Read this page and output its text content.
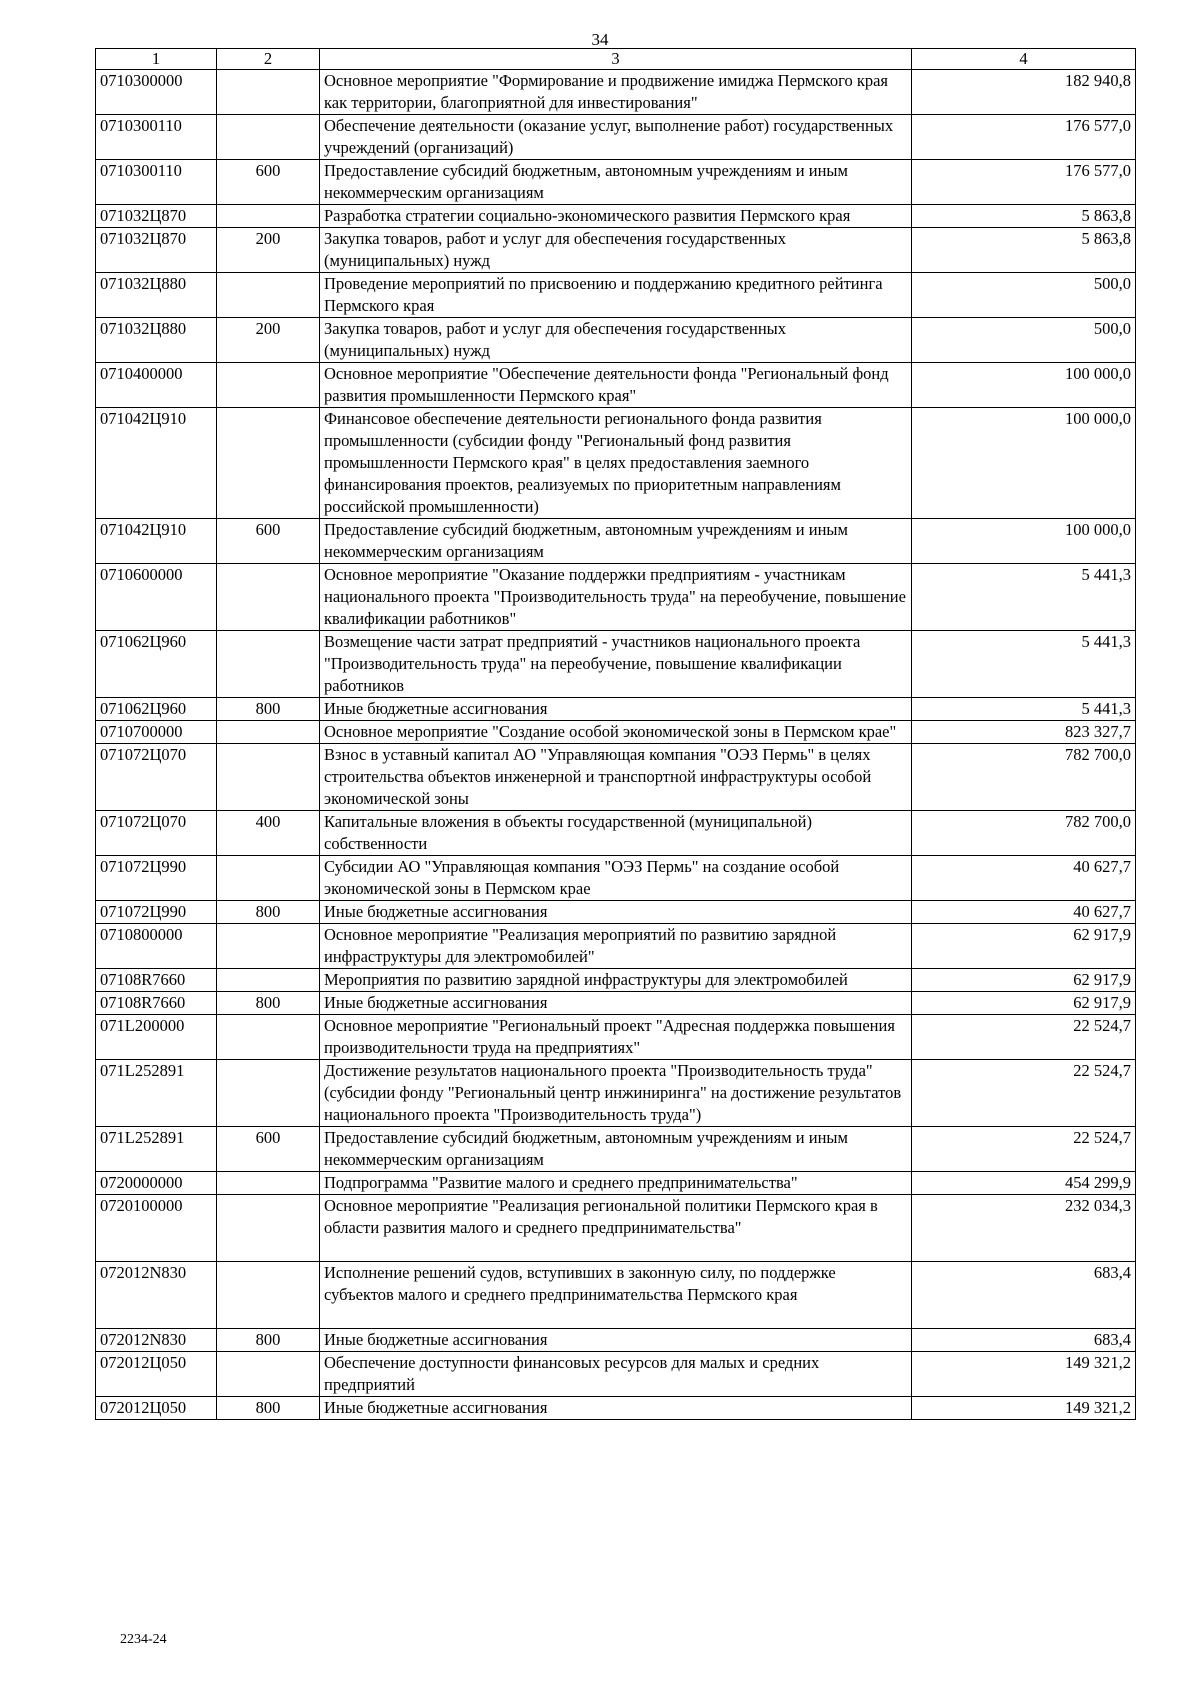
34
1	2	3	4
0710300000		Основное мероприятие "Формирование и продвижение имиджа Пермского края как территории, благоприятной для инвестирования"	182 940,8
0710300110		Обеспечение деятельности (оказание услуг, выполнение работ) государственных учреждений (организаций)	176 577,0
0710300110	600	Предоставление субсидий бюджетным, автономным учреждениям и иным некоммерческим организациям	176 577,0
071032Ц870		Разработка стратегии социально-экономического развития Пермского края	5 863,8
071032Ц870	200	Закупка товаров, работ и услуг для обеспечения государственных (муниципальных) нужд	5 863,8
071032Ц880		Проведение мероприятий по присвоению и поддержанию кредитного рейтинга Пермского края	500,0
071032Ц880	200	Закупка товаров, работ и услуг для обеспечения государственных (муниципальных) нужд	500,0
0710400000		Основное мероприятие "Обеспечение деятельности фонда "Региональный фонд развития промышленности Пермского края"	100 000,0
071042Ц910		Финансовое обеспечение деятельности регионального фонда развития промышленности (субсидии фонду "Региональный фонд развития промышленности Пермского края" в целях предоставления заемного финансирования проектов, реализуемых по приоритетным направлениям российской промышленности)	100 000,0
071042Ц910	600	Предоставление субсидий бюджетным, автономным учреждениям и иным некоммерческим организациям	100 000,0
0710600000		Основное мероприятие "Оказание поддержки предприятиям - участникам национального проекта "Производительность труда" на переобучение, повышение квалификации работников"	5 441,3
071062Ц960		Возмещение части затрат предприятий - участников национального проекта "Производительность труда" на переобучение, повышение квалификации работников	5 441,3
071062Ц960	800	Иные бюджетные ассигнования	5 441,3
0710700000		Основное мероприятие "Создание особой экономической зоны в Пермском крае"	823 327,7
071072Ц070		Взнос в уставный капитал АО "Управляющая компания "ОЭЗ Пермь" в целях строительства объектов инженерной и транспортной инфраструктуры особой экономической зоны	782 700,0
071072Ц070	400	Капитальные вложения в объекты государственной (муниципальной) собственности	782 700,0
071072Ц990		Субсидии АО "Управляющая компания "ОЭЗ Пермь" на создание особой экономической зоны в Пермском крае	40 627,7
071072Ц990	800	Иные бюджетные ассигнования	40 627,7
0710800000		Основное мероприятие "Реализация мероприятий по развитию зарядной инфраструктуры для электромобилей"	62 917,9
07108R7660		Мероприятия по развитию зарядной инфраструктуры для электромобилей	62 917,9
07108R7660	800	Иные бюджетные ассигнования	62 917,9
071L200000		Основное мероприятие "Региональный проект "Адресная поддержка повышения производительности труда на предприятиях"	22 524,7
071L252891		Достижение результатов национального проекта "Производительность труда" (субсидии фонду "Региональный центр инжиниринга" на достижение результатов национального проекта "Производительность труда")	22 524,7
071L252891	600	Предоставление субсидий бюджетным, автономным учреждениям и иным некоммерческим организациям	22 524,7
0720000000		Подпрограмма "Развитие малого и среднего предпринимательства"	454 299,9
0720100000		Основное мероприятие "Реализация региональной политики Пермского края в области развития малого и среднего предпринимательства"	232 034,3
072012N830		Исполнение решений судов, вступивших в законную силу, по поддержке субъектов малого и среднего предпринимательства Пермского края	683,4
072012N830	800	Иные бюджетные ассигнования	683,4
072012Ц050		Обеспечение доступности финансовых ресурсов для малых и средних предприятий	149 321,2
072012Ц050	800	Иные бюджетные ассигнования	149 321,2
2234-24
